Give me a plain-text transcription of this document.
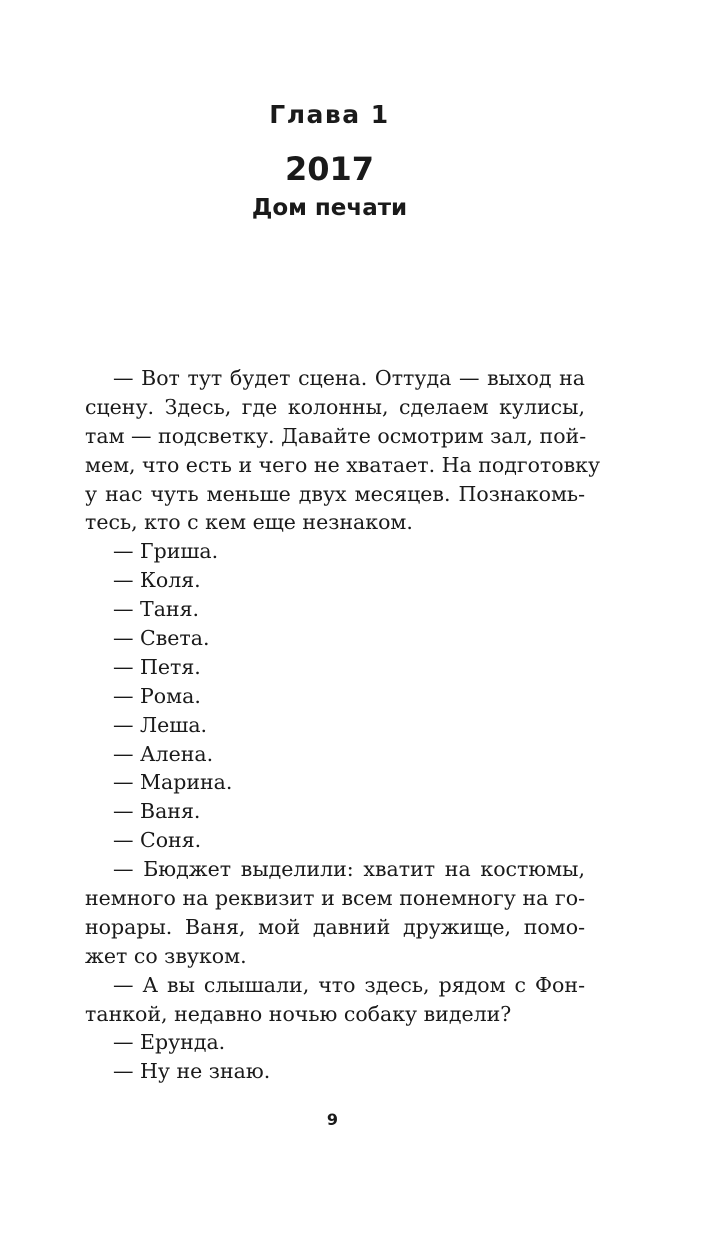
Глава 1
2017
Дом печати
— Вот тут будет сцена. Оттуда — выход на
сцену. Здесь, где колонны, сделаем кулисы,
там — подсветку. Давайте осмотрим зал, пой-
мем, что есть и чего не хватает. На подготовку
у нас чуть меньше двух месяцев. Познакомь-
тесь, кто с кем еще незнаком.
— Гриша.
— Коля.
— Таня.
— Света.
— Петя.
— Рома.
— Леша.
— Алена.
— Марина.
— Ваня.
— Соня.
— Бюджет выделили: хватит на костюмы,
немного на реквизит и всем понемногу на го-
норары. Ваня, мой давний дружище, помо-
жет со звуком.
— А вы слышали, что здесь, рядом с Фон-
танкой, недавно ночью собаку видели?
— Ерунда.
— Ну не знаю.
9
